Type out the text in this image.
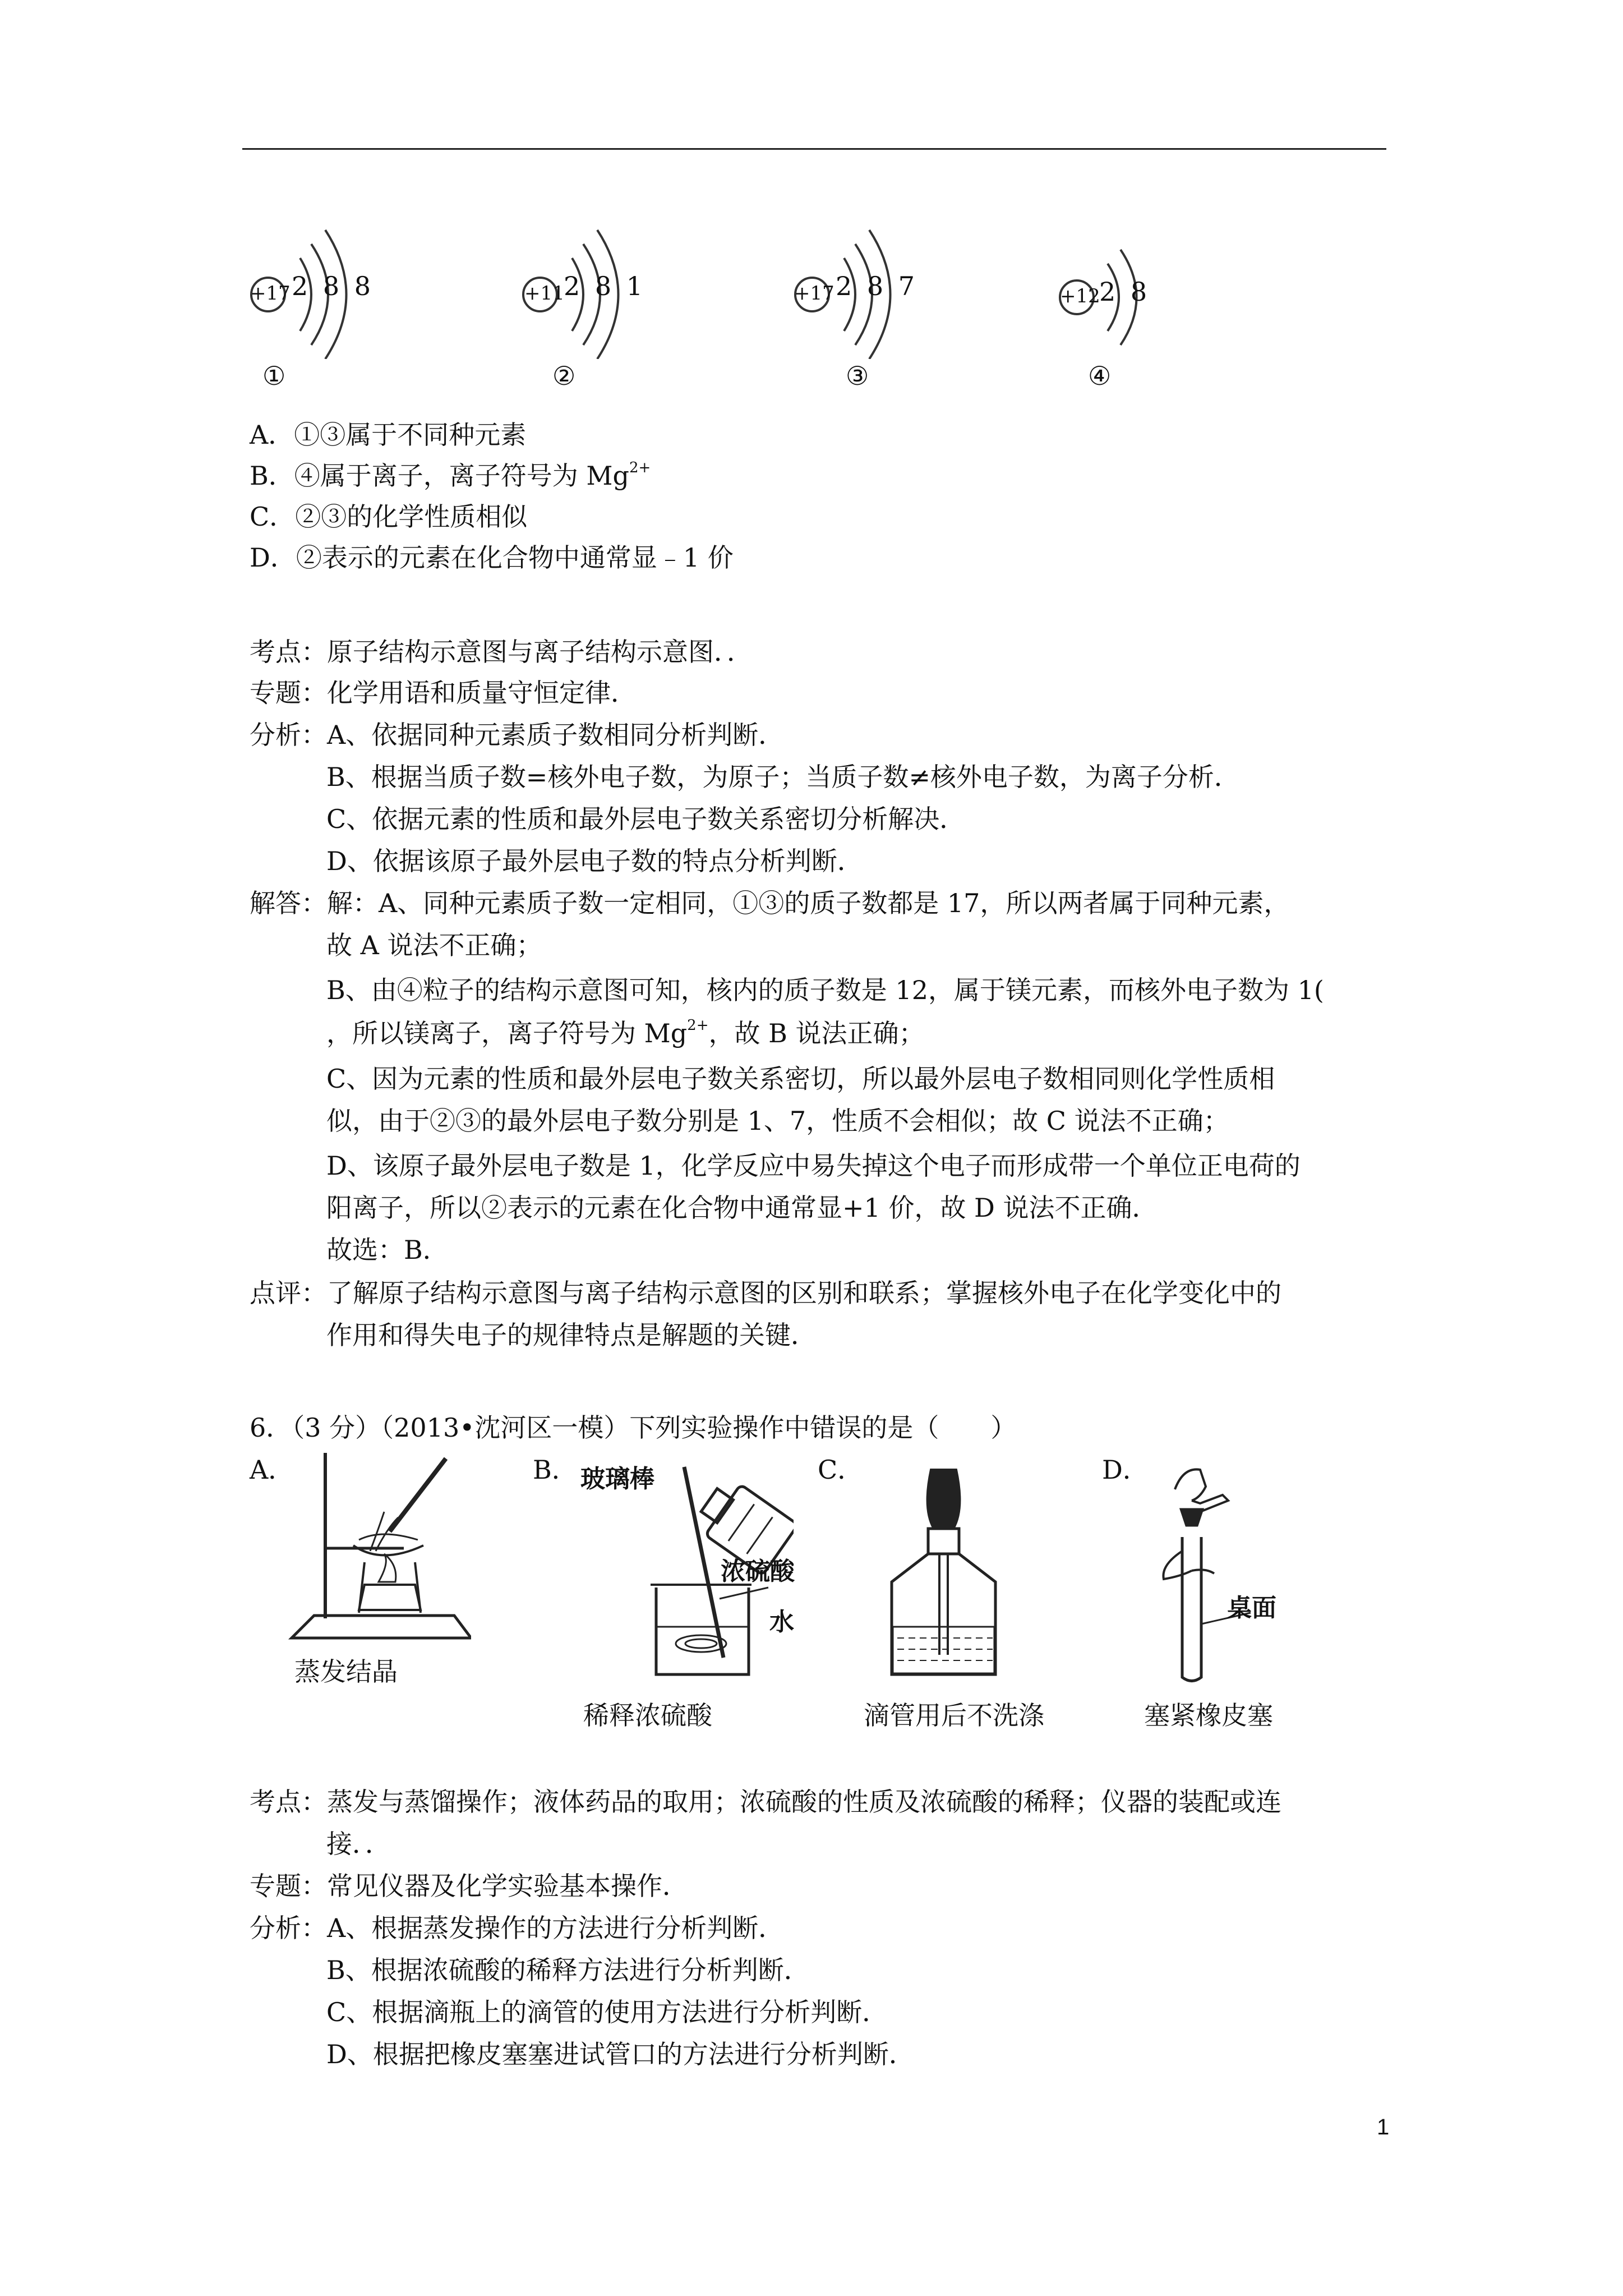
+17 2 8 8
①
+11
2 8 1
②
+17 2 8 7
③
+12
2 8
④
A．①③属于不同种元素
B．④属于离子，离子符号为 $Mg^{2+}$
C．②③的化学性质相似
D．②表示的元素在化合物中通常显﹣1 价
考点：原子结构示意图与离子结构示意图．．
专题：化学用语和质量守恒定律．
分析：A、依据同种元素质子数相同分析判断．
B、根据当质子数=核外电子数，为原子；当质子数≠核外电子数，为离子分析．
C、依据元素的性质和最外层电子数关系密切分析解决．
D、依据该原子最外层电子数的特点分析判断．
解答：解：A、同种元素质子数一定相同，①③的质子数都是 17，所以两者属于同种元素，
故 A 说法不正确；
B、由④粒子的结构示意图可知，核内的质子数是 12，属于镁元素，而核外电子数为 1(
，所以镁离子，离子符号为 $Mg^{2+}$，故 B 说法正确；
C、因为元素的性质和最外层电子数关系密切，所以最外层电子数相同则化学性质相
似，由于②③的最外层电子数分别是 1、7，性质不会相似；故 C 说法不正确；
D、该原子最外层电子数是 1，化学反应中易失掉这个电子而形成带一个单位正电荷的
阳离子，所以②表示的元素在化合物中通常显+1 价，故 D 说法不正确．
故选：B．
点评：了解原子结构示意图与离子结构示意图的区别和联系；掌握核外电子在化学变化中的
作用和得失电子的规律特点是解题的关键．
6．（3 分）（2013•沈河区一模）下列实验操作中错误的是（　　）
A．	B．	C．	D．
蒸发结晶
玻璃棒
浓硫酸
水
稀释浓硫酸	滴管用后不洗涤
桌面
塞紧橡皮塞
考点：蒸发与蒸馏操作；液体药品的取用；浓硫酸的性质及浓硫酸的稀释；仪器的装配或连
接．．
专题：常见仪器及化学实验基本操作．
分析：A、根据蒸发操作的方法进行分析判断．
B、根据浓硫酸的稀释方法进行分析判断．
C、根据滴瓶上的滴管的使用方法进行分析判断．
D、根据把橡皮塞塞进试管口的方法进行分析判断．
1
